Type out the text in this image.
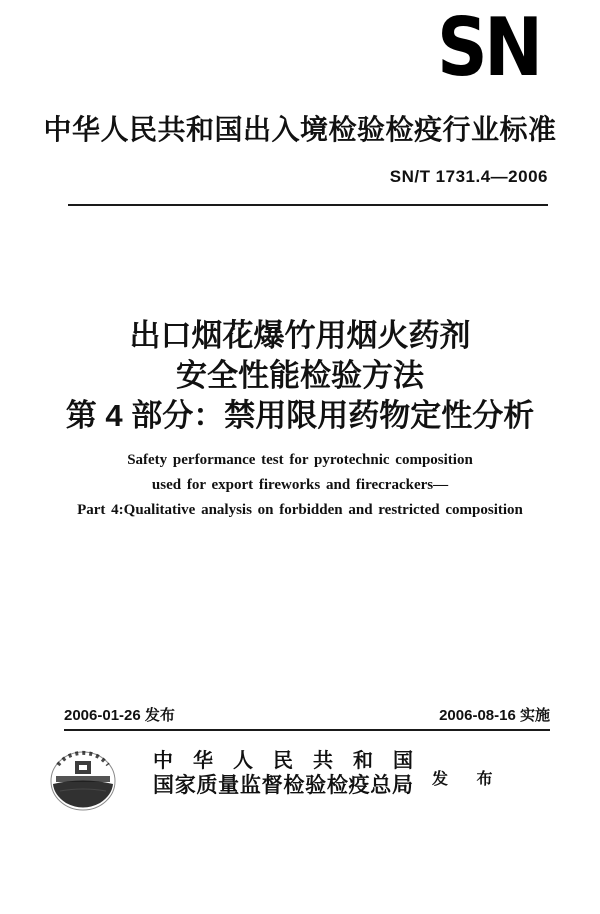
SN
中华人民共和国出入境检验检疫行业标准
SN/T 1731.4—2006
出口烟花爆竹用烟火药剂
安全性能检验方法
第 4 部分：禁用限用药物定性分析
Safety performance test for pyrotechnic composition
used for export fireworks and firecrackers—
Part 4:Qualitative analysis on forbidden and restricted composition
2006-01-26 发布	2006-08-16 实施
中华人民共和国
国家质量监督检验检疫总局 发 布
